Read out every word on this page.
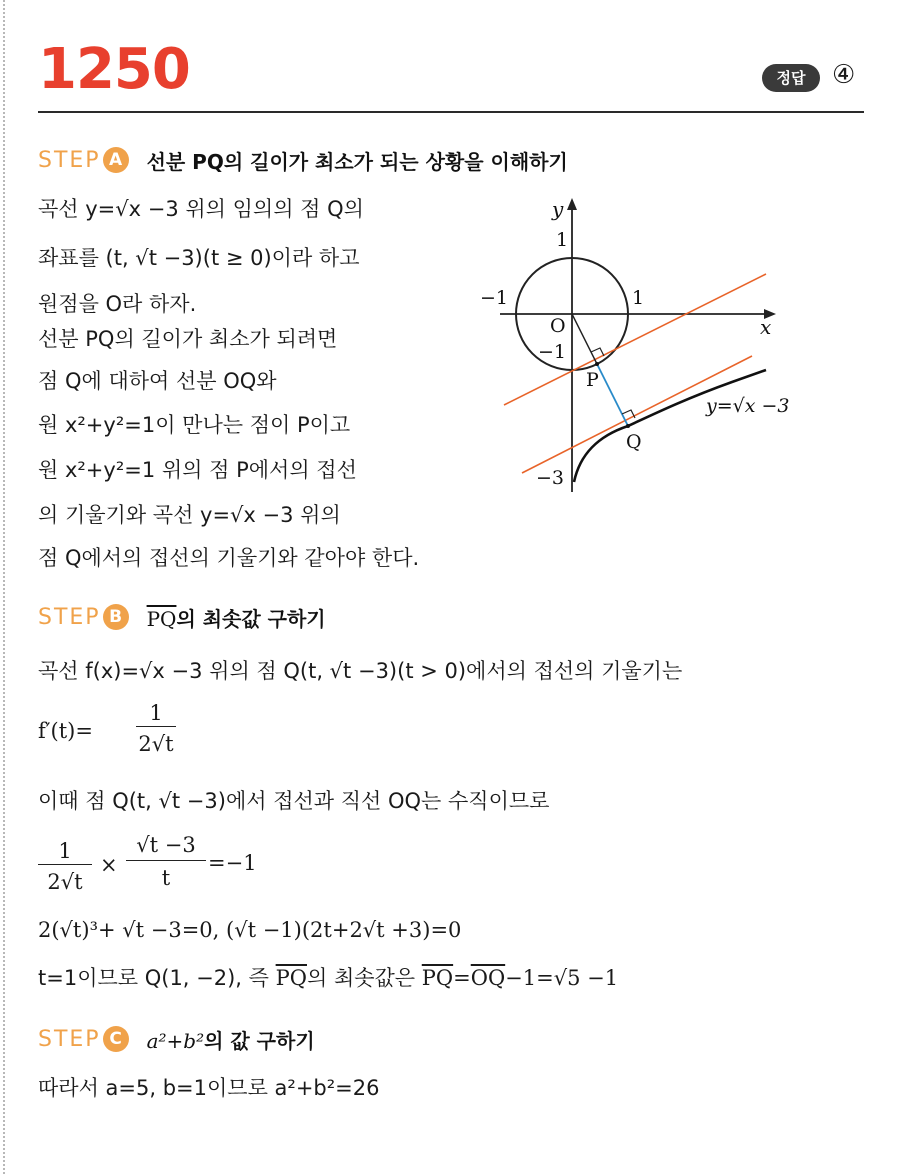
1250	정답	④
STEP A	선분 PQ의 길이가 최소가 되는 상황을 이해하기
곡선 y=√x −3 위의 임의의 점 Q의
좌표를 (t, √t −3)(t ≥ 0)이라 하고
원점을 O라 하자.
선분 PQ의 길이가 최소가 되려면
점 Q에 대하여 선분 OQ와
원 x²+y²=1이 만나는 점이 P이고
원 x²+y²=1 위의 점 P에서의 접선
의 기울기와 곡선 y=√x −3 위의
점 Q에서의 접선의 기울기와 같아야 한다.
y
x
1
−1	1
O
−1
P
Q
−3
y=√x −3
STEP B	$\overline{PQ}$의 최솟값 구하기
곡선 f(x)=√x −3 위의 점 Q(t, √t −3)(t > 0)에서의 접선의 기울기는
f′(t)=
1
2√t
이때 점 Q(t, √t −3)에서 접선과 직선 OQ는 수직이므로
1
2√t
×
√t −3
t
=−1
2(√t)³+ √t −3=0, (√t −1)(2t+2√t +3)=0
t=1이므로 Q(1, −2), 즉 $\overline{PQ}$의 최솟값은 $\overline{PQ}=\overline{OQ}-1=√5 -1$
STEP C	a²+b²의 값 구하기
따라서 a=5, b=1이므로 a²+b²=26
